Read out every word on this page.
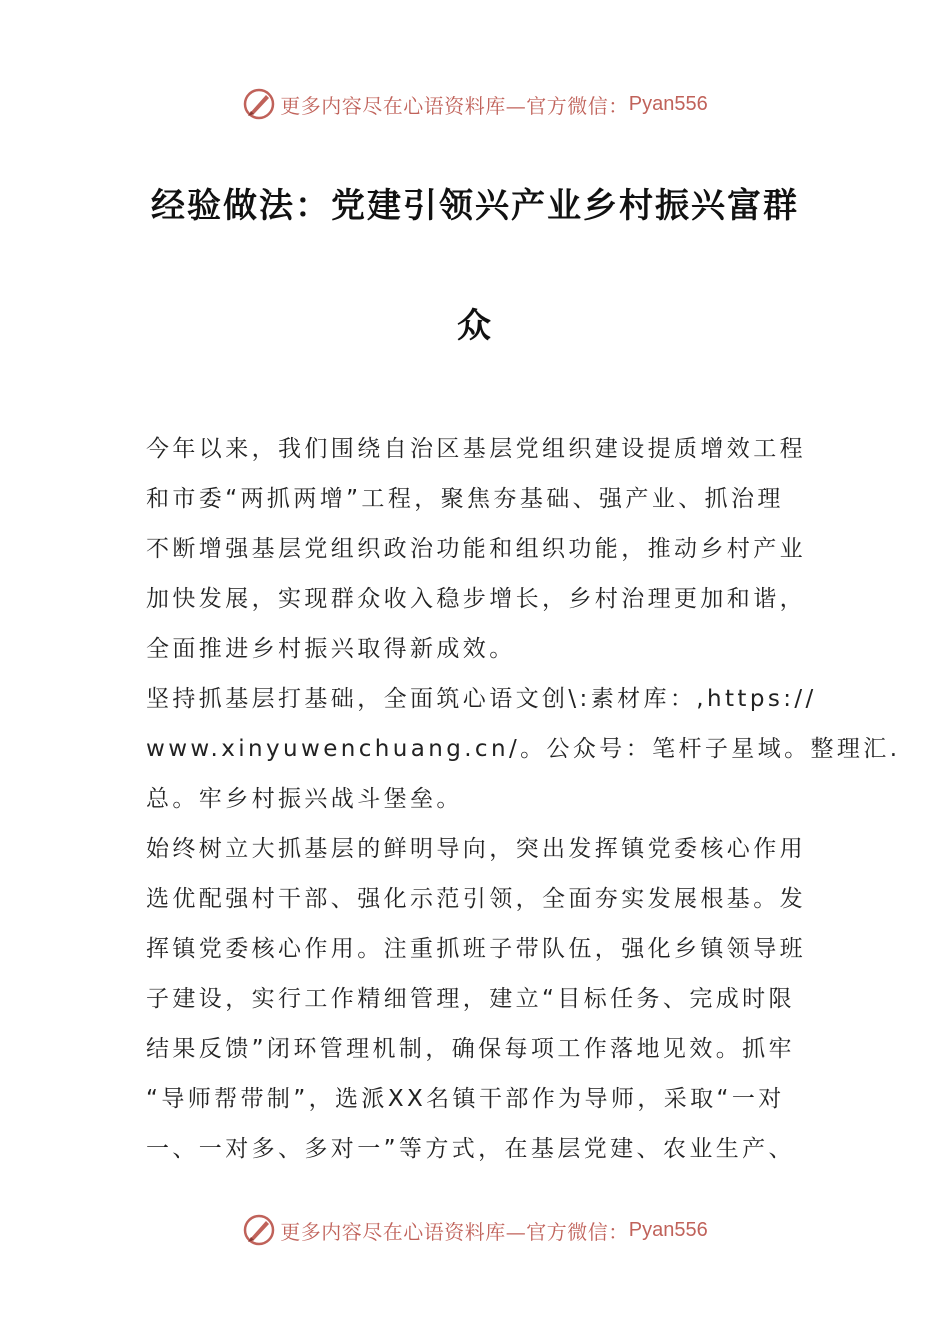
更多内容尽在心语资料库—官方微信： Pyan556
经验做法：党建引领兴产业乡村振兴富群
众

今年以来，我们围绕自治区基层党组织建设提质增效工程
和市委“两抓两增”工程，聚焦夯基础、强产业、抓治理
不断增强基层党组织政治功能和组织功能，推动乡村产业
加快发展，实现群众收入稳步增长，乡村治理更加和谐，
全面推进乡村振兴取得新成效。

坚持抓基层打基础，全面筑心语文创\:素材库：,https://
www.xinyuwenchuang.cn/。公众号：笔杆子星域。整理汇.
总。牢乡村振兴战斗堡垒。

始终树立大抓基层的鲜明导向，突出发挥镇党委核心作用
选优配强村干部、强化示范引领，全面夯实发展根基。发
挥镇党委核心作用。注重抓班子带队伍，强化乡镇领导班
子建设，实行工作精细管理，建立“目标任务、完成时限
结果反馈”闭环管理机制，确保每项工作落地见效。抓牢
“导师帮带制”，选派XX名镇干部作为导师，采取“一对
一、一对多、多对一”等方式，在基层党建、农业生产、

更多内容尽在心语资料库—官方微信： Pyan556
